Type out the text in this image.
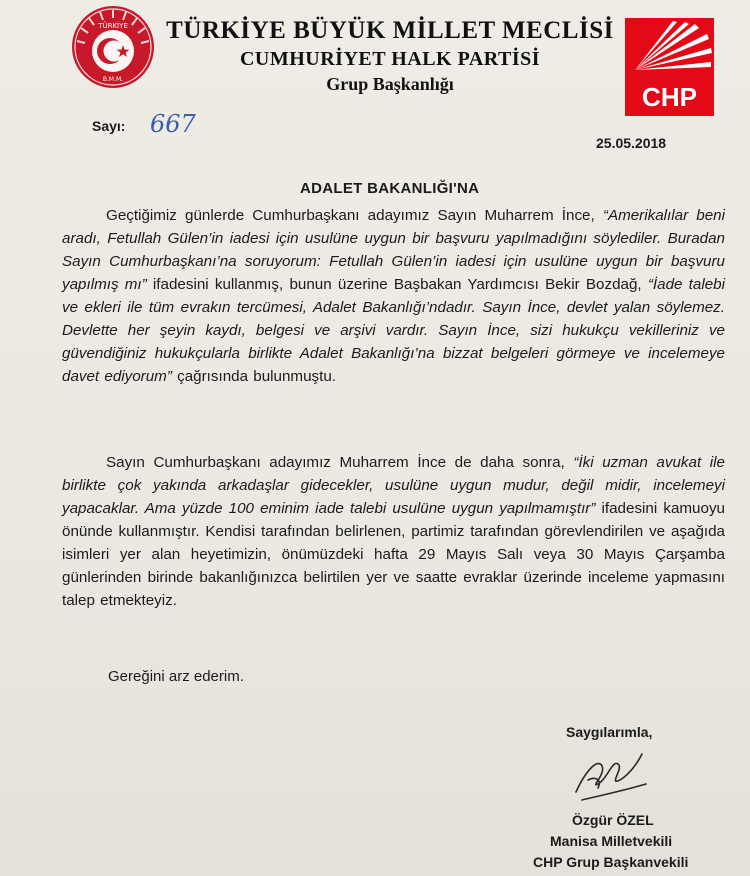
TÜRKİYE
B.M.M.
TÜRKİYE BÜYÜK MİLLET MECLİSİ
CUMHURİYET HALK PARTİSİ
Grup Başkanlığı	CHP
Sayı: 667
25.05.2018
ADALET BAKANLIĞI'NA
Geçtiğimiz günlerde Cumhurbaşkanı adayımız Sayın Muharrem İnce, “Amerikalılar beni aradı, Fetullah Gülen’in iadesi için usulüne uygun bir başvuru yapılmadığını söylediler. Buradan Sayın Cumhurbaşkanı’na soruyorum: Fetullah Gülen’in iadesi için usulüne uygun bir başvuru yapılmış mı” ifadesini kullanmış, bunun üzerine Başbakan Yardımcısı Bekir Bozdağ, “İade talebi ve ekleri ile tüm evrakın tercümesi, Adalet Bakanlığı’ndadır. Sayın İnce, devlet yalan söylemez. Devlette her şeyin kaydı, belgesi ve arşivi vardır. Sayın İnce, sizi hukukçu vekilleriniz ve güvendiğiniz hukukçularla birlikte Adalet Bakanlığı’na bizzat belgeleri görmeye ve incelemeye davet ediyorum” çağrısında bulunmuştu.
Sayın Cumhurbaşkanı adayımız Muharrem İnce de daha sonra, “İki uzman avukat ile birlikte çok yakında arkadaşlar gidecekler, usulüne uygun mudur, değil midir, incelemeyi yapacaklar. Ama yüzde 100 eminim iade talebi usulüne uygun yapılmamıştır” ifadesini kamuoyu önünde kullanmıştır. Kendisi tarafından belirlenen, partimiz tarafından görevlendirilen ve aşağıda isimleri yer alan heyetimizin, önümüzdeki hafta 29 Mayıs Salı veya 30 Mayıs Çarşamba günlerinden birinde bakanlığınızca belirtilen yer ve saatte evraklar üzerinde inceleme yapmasını talep etmekteyiz.
Gereğini arz ederim.
Saygılarımla,
Özgür ÖZEL
Manisa Milletvekili
CHP Grup Başkanvekili
